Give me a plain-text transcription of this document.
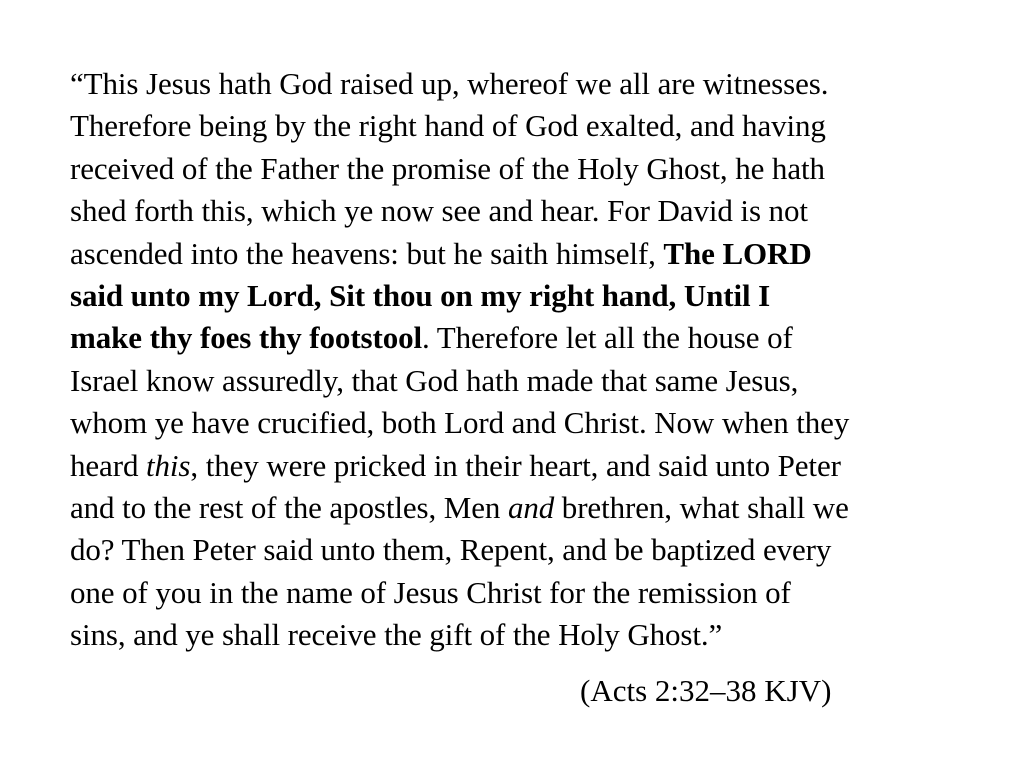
“This Jesus hath God raised up, whereof we all are witnesses.
Therefore being by the right hand of God exalted, and having
received of the Father the promise of the Holy Ghost, he hath
shed forth this, which ye now see and hear. For David is not
ascended into the heavens: but he saith himself, The LORD
said unto my Lord, Sit thou on my right hand, Until I
make thy foes thy footstool. Therefore let all the house of
Israel know assuredly, that God hath made that same Jesus,
whom ye have crucified, both Lord and Christ. Now when they
heard this, they were pricked in their heart, and said unto Peter
and to the rest of the apostles, Men and brethren, what shall we
do? Then Peter said unto them, Repent, and be baptized every
one of you in the name of Jesus Christ for the remission of
sins, and ye shall receive the gift of the Holy Ghost.”
(Acts 2:32–38 KJV)
